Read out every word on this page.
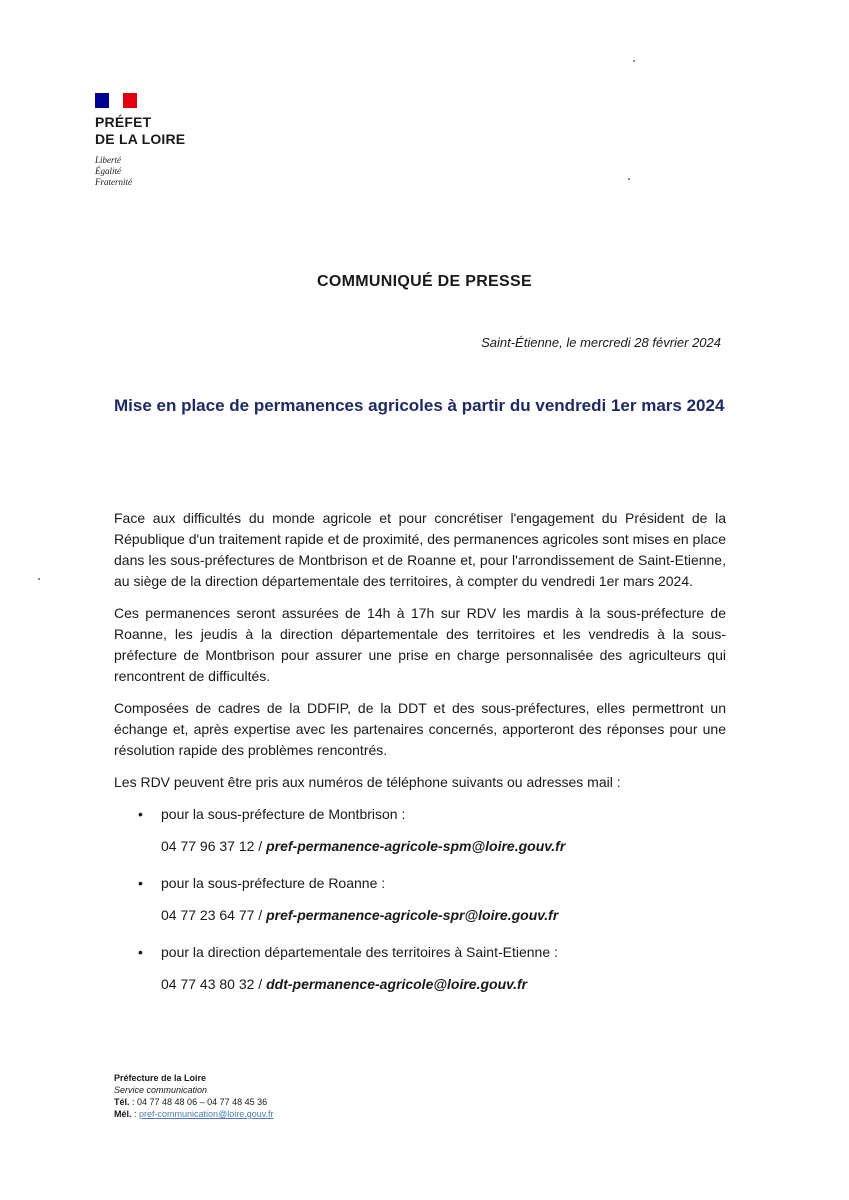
PRÉFET
DE LA LOIRE
Liberté
Égalité
Fraternité
COMMUNIQUÉ DE PRESSE
Saint-Étienne, le mercredi 28 février 2024
Mise en place de permanences agricoles à partir du vendredi 1er mars 2024

Face aux difficultés du monde agricole et pour concrétiser l'engagement du Président de la République d'un traitement rapide et de proximité, des permanences agricoles sont mises en place dans les sous-préfectures de Montbrison et de Roanne et, pour l'arrondissement de Saint-Etienne, au siège de la direction départementale des territoires, à compter du vendredi 1er mars 2024.

Ces permanences seront assurées de 14h à 17h sur RDV les mardis à la sous-préfecture de Roanne, les jeudis à la direction départementale des territoires et les vendredis à la sous-préfecture de Montbrison pour assurer une prise en charge personnalisée des agriculteurs qui rencontrent de difficultés.

Composées de cadres de la DDFIP, de la DDT et des sous-préfectures, elles permettront un échange et, après expertise avec les partenaires concernés, apporteront des réponses pour une résolution rapide des problèmes rencontrés.

Les RDV peuvent être pris aux numéros de téléphone suivants ou adresses mail :

• pour la sous-préfecture de Montbrison :
04 77 96 37 12 / pref-permanence-agricole-spm@loire.gouv.fr
• pour la sous-préfecture de Roanne :
04 77 23 64 77 / pref-permanence-agricole-spr@loire.gouv.fr
• pour la direction départementale des territoires à Saint-Etienne :
04 77 43 80 32 / ddt-permanence-agricole@loire.gouv.fr
Préfecture de la Loire
Service communication
Tél. : 04 77 48 48 06 – 04 77 48 45 36
Mél. : pref-communication@loire.gouv.fr
